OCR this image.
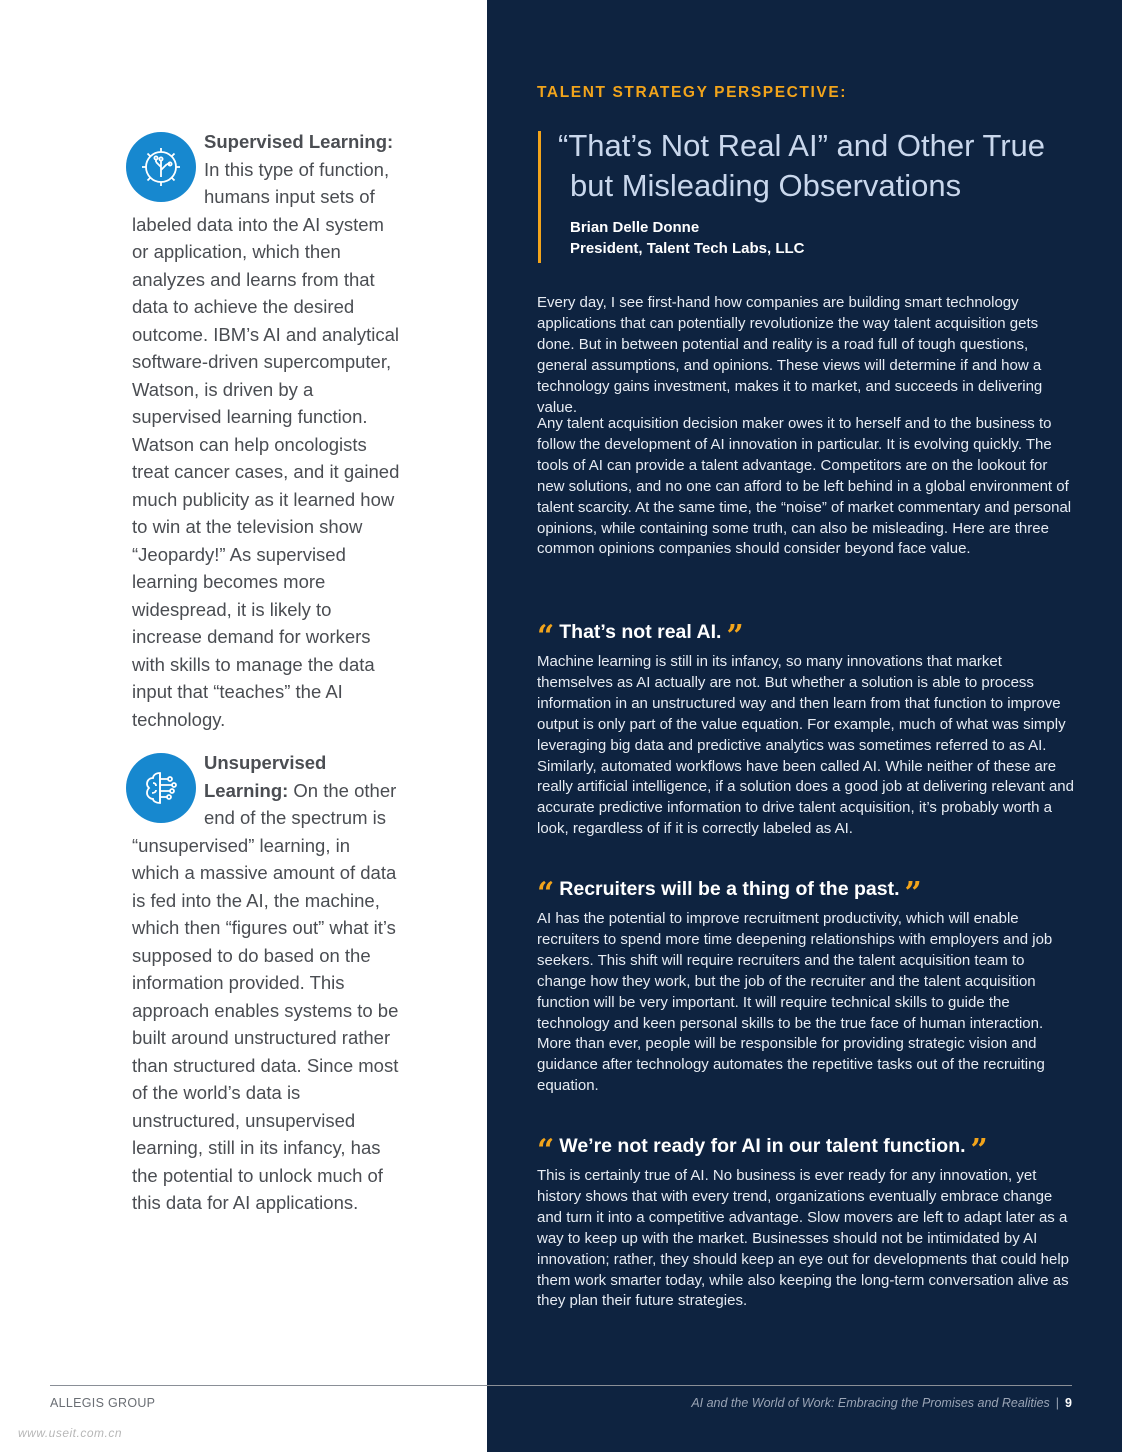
Supervised Learning: In this type of function, humans input sets of labeled data into the AI system or application, which then analyzes and learns from that data to achieve the desired outcome. IBM’s AI and analytical software-driven supercomputer, Watson, is driven by a supervised learning function. Watson can help oncologists treat cancer cases, and it gained much publicity as it learned how to win at the television show “Jeopardy!” As supervised learning becomes more widespread, it is likely to increase demand for workers with skills to manage the data input that “teaches” the AI technology.

Unsupervised Learning: On the other end of the spectrum is “unsupervised” learning, in which a massive amount of data is fed into the AI, the machine, which then “figures out” what it’s supposed to do based on the information provided. This approach enables systems to be built around unstructured rather than structured data. Since most of the world’s data is unstructured, unsupervised learning, still in its infancy, has the potential to unlock much of this data for AI applications.

TALENT STRATEGY PERSPECTIVE:
“That’s Not Real AI” and Other True
but Misleading Observations
Brian Delle Donne
President, Talent Tech Labs, LLC

Every day, I see first-hand how companies are building smart technology applications that can potentially revolutionize the way talent acquisition gets done. But in between potential and reality is a road full of tough questions, general assumptions, and opinions. These views will determine if and how a technology gains investment, makes it to market, and succeeds in delivering value.

Any talent acquisition decision maker owes it to herself and to the business to follow the development of AI innovation in particular. It is evolving quickly. The tools of AI can provide a talent advantage. Competitors are on the lookout for new solutions, and no one can afford to be left behind in a global environment of talent scarcity. At the same time, the “noise” of market commentary and personal opinions, while containing some truth, can also be misleading. Here are three common opinions companies should consider beyond face value.

“ That’s not real AI. ”

Machine learning is still in its infancy, so many innovations that market themselves as AI actually are not. But whether a solution is able to process information in an unstructured way and then learn from that function to improve output is only part of the value equation. For example, much of what was simply leveraging big data and predictive analytics was sometimes referred to as AI. Similarly, automated workflows have been called AI. While neither of these are really artificial intelligence, if a solution does a good job at delivering relevant and accurate predictive information to drive talent acquisition, it’s probably worth a look, regardless of if it is correctly labeled as AI.

“ Recruiters will be a thing of the past. ”

AI has the potential to improve recruitment productivity, which will enable recruiters to spend more time deepening relationships with employers and job seekers. This shift will require recruiters and the talent acquisition team to change how they work, but the job of the recruiter and the talent acquisition function will be very important. It will require technical skills to guide the technology and keen personal skills to be the true face of human interaction. More than ever, people will be responsible for providing strategic vision and guidance after technology automates the repetitive tasks out of the recruiting equation.

“ We’re not ready for AI in our talent function. ”

This is certainly true of AI. No business is ever ready for any innovation, yet history shows that with every trend, organizations eventually embrace change and turn it into a competitive advantage. Slow movers are left to adapt later as a way to keep up with the market. Businesses should not be intimidated by AI innovation; rather, they should keep an eye out for developments that could help them work smarter today, while also keeping the long-term conversation alive as they plan their future strategies.

ALLEGIS GROUP	AI and the World of Work: Embracing the Promises and Realities | 9
www.useit.com.cn
